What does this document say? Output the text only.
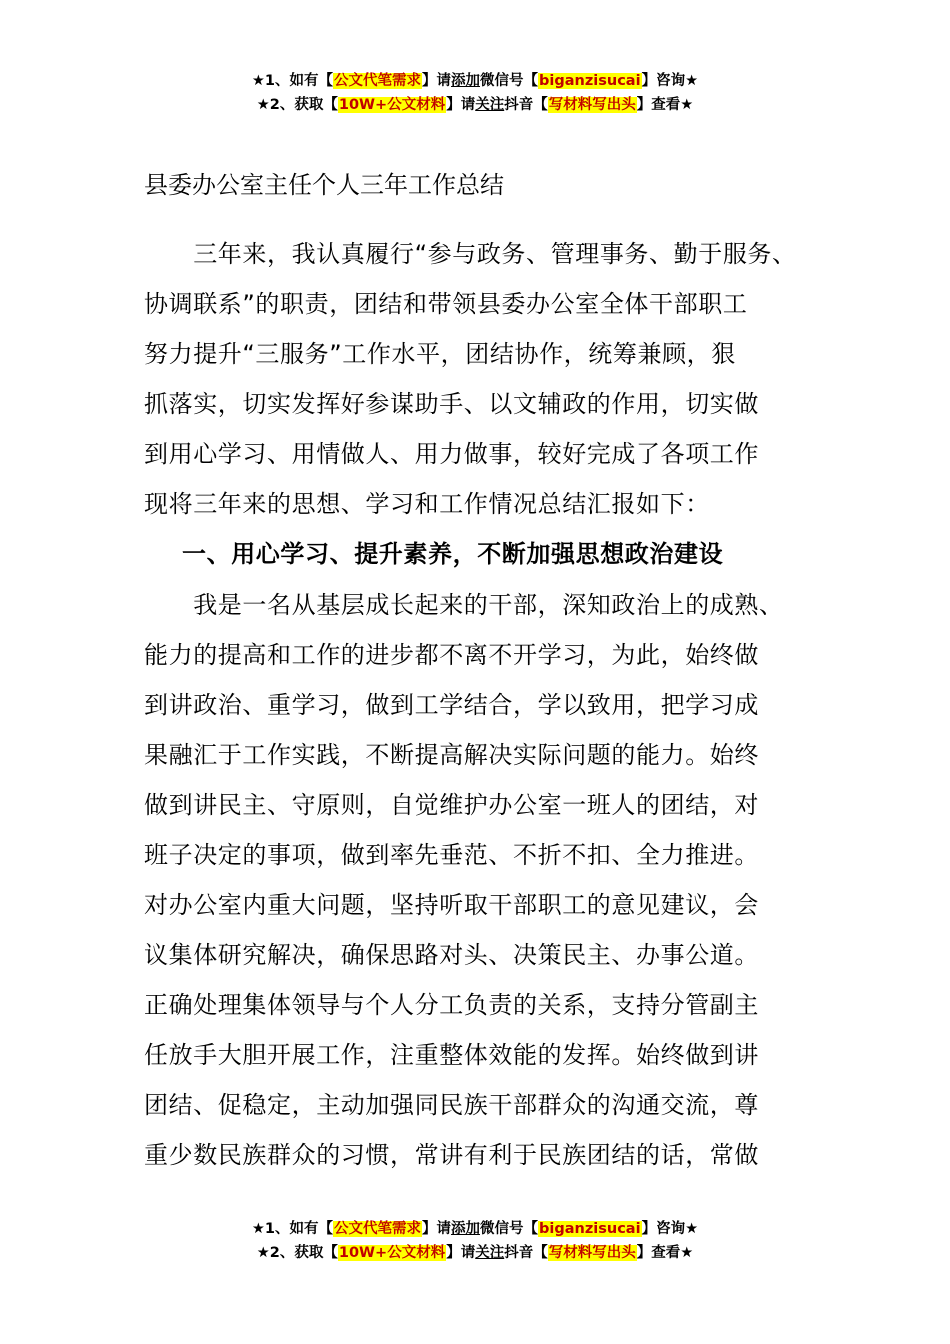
★1、如有【公文代笔需求】请添加微信号【biganzisucai】咨询★
★2、获取【10W+公文材料】请关注抖音【写材料写出头】查看★
县委办公室主任个人三年工作总结
　　三年来，我认真履行“参与政务、管理事务、勤于服务、
协调联系”的职责，团结和带领县委办公室全体干部职工
努力提升“三服务”工作水平，团结协作，统筹兼顾，狠
抓落实，切实发挥好参谋助手、以文辅政的作用，切实做
到用心学习、用情做人、用力做事，较好完成了各项工作
现将三年来的思想、学习和工作情况总结汇报如下：
一、用心学习、提升素养，不断加强思想政治建设
　　我是一名从基层成长起来的干部，深知政治上的成熟、
能力的提高和工作的进步都不离不开学习，为此，始终做
到讲政治、重学习，做到工学结合，学以致用，把学习成
果融汇于工作实践，不断提高解决实际问题的能力。始终
做到讲民主、守原则，自觉维护办公室一班人的团结，对
班子决定的事项，做到率先垂范、不折不扣、全力推进。
对办公室内重大问题，坚持听取干部职工的意见建议，会
议集体研究解决，确保思路对头、决策民主、办事公道。
正确处理集体领导与个人分工负责的关系，支持分管副主
任放手大胆开展工作，注重整体效能的发挥。始终做到讲
团结、促稳定，主动加强同民族干部群众的沟通交流，尊
重少数民族群众的习惯，常讲有利于民族团结的话，常做
★1、如有【公文代笔需求】请添加微信号【biganzisucai】咨询★
★2、获取【10W+公文材料】请关注抖音【写材料写出头】查看★
